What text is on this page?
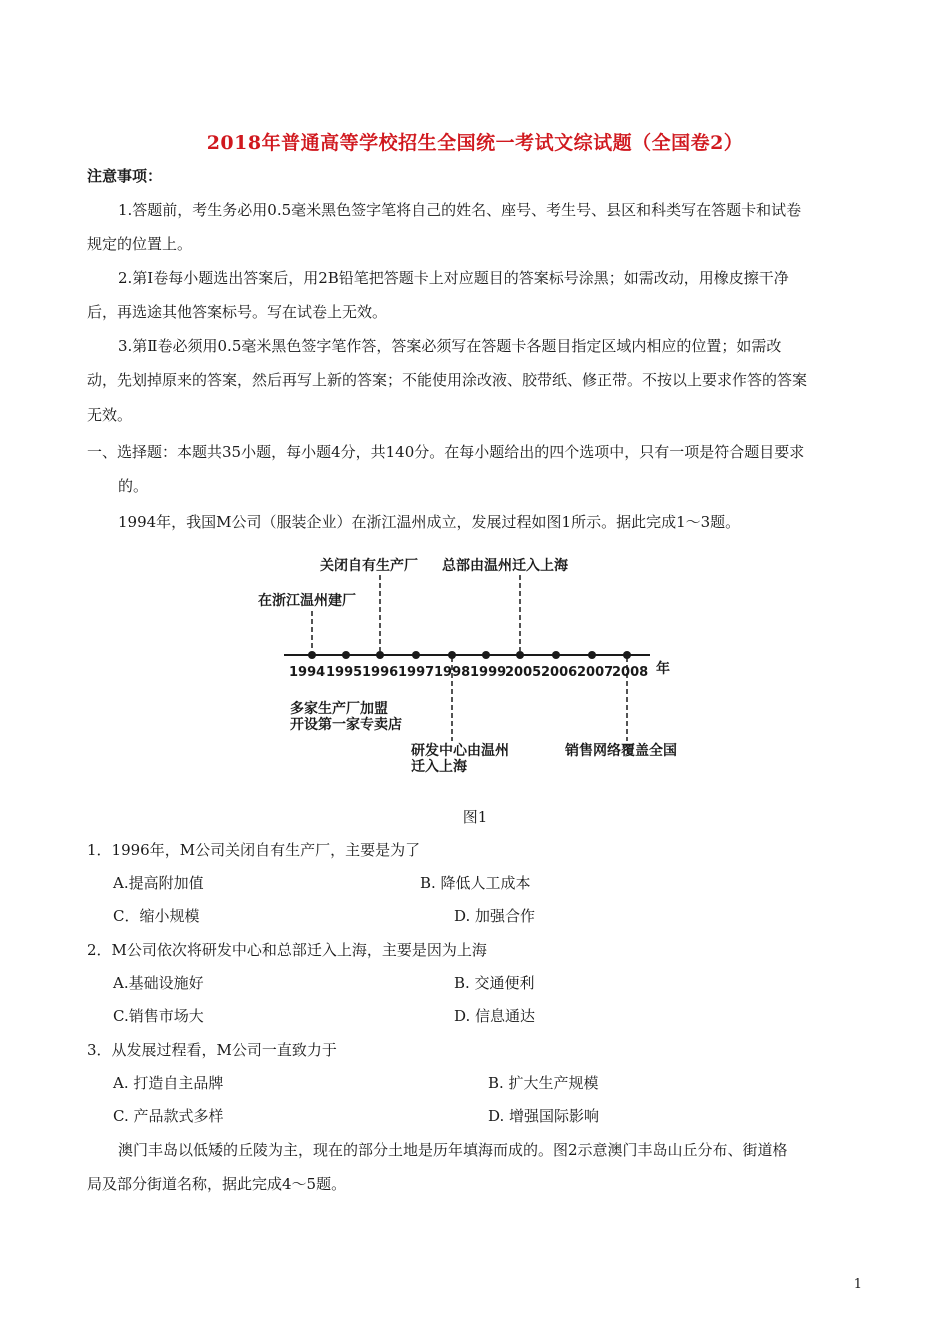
2018年普通高等学校招生全国统一考试文综试题（全国卷2）
注意事项：
1.答题前，考生务必用0.5毫米黑色签字笔将自己的姓名、座号、考生号、县区和科类写在答题卡和试卷
规定的位置上。
2.第Ⅰ卷每小题选出答案后，用2B铅笔把答题卡上对应题目的答案标号涂黑；如需改动，用橡皮擦干净
后，再选途其他答案标号。写在试卷上无效。
3.第Ⅱ卷必须用0.5毫米黑色签字笔作答，答案必须写在答题卡各题目指定区域内相应的位置；如需改
动，先划掉原来的答案，然后再写上新的答案；不能使用涂改液、胶带纸、修正带。不按以上要求作答的答案
无效。
一、选择题：本题共35小题，每小题4分，共140分。在每小题给出的四个选项中，只有一项是符合题目要求
的。
1994年，我国M公司（服装企业）在浙江温州成立，发展过程如图1所示。据此完成1～3题。
在浙江温州建厂
关闭自有生产厂 总部由温州迁入上海
多家生产厂加盟
开设第一家专卖店
研发中心由温州
迁入上海
销售网络覆盖全国
年
1994 1995 1996 1997 1998 1999
2005 2006 2007
2008
图1
1．1996年，M公司关闭自有生产厂，主要是为了
A.提高附加值	B. 降低人工成本
C．缩小规模	D. 加强合作
2．M公司依次将研发中心和总部迁入上海，主要是因为上海
A.基础设施好	B. 交通便利
C.销售市场大	D. 信息通达
3．从发展过程看，M公司一直致力于
A. 打造自主品牌	B. 扩大生产规模
C. 产品款式多样	D. 增强国际影响
澳门丰岛以低矮的丘陵为主，现在的部分土地是历年填海而成的。图2示意澳门丰岛山丘分布、街道格
局及部分街道名称，据此完成4～5题。
1
